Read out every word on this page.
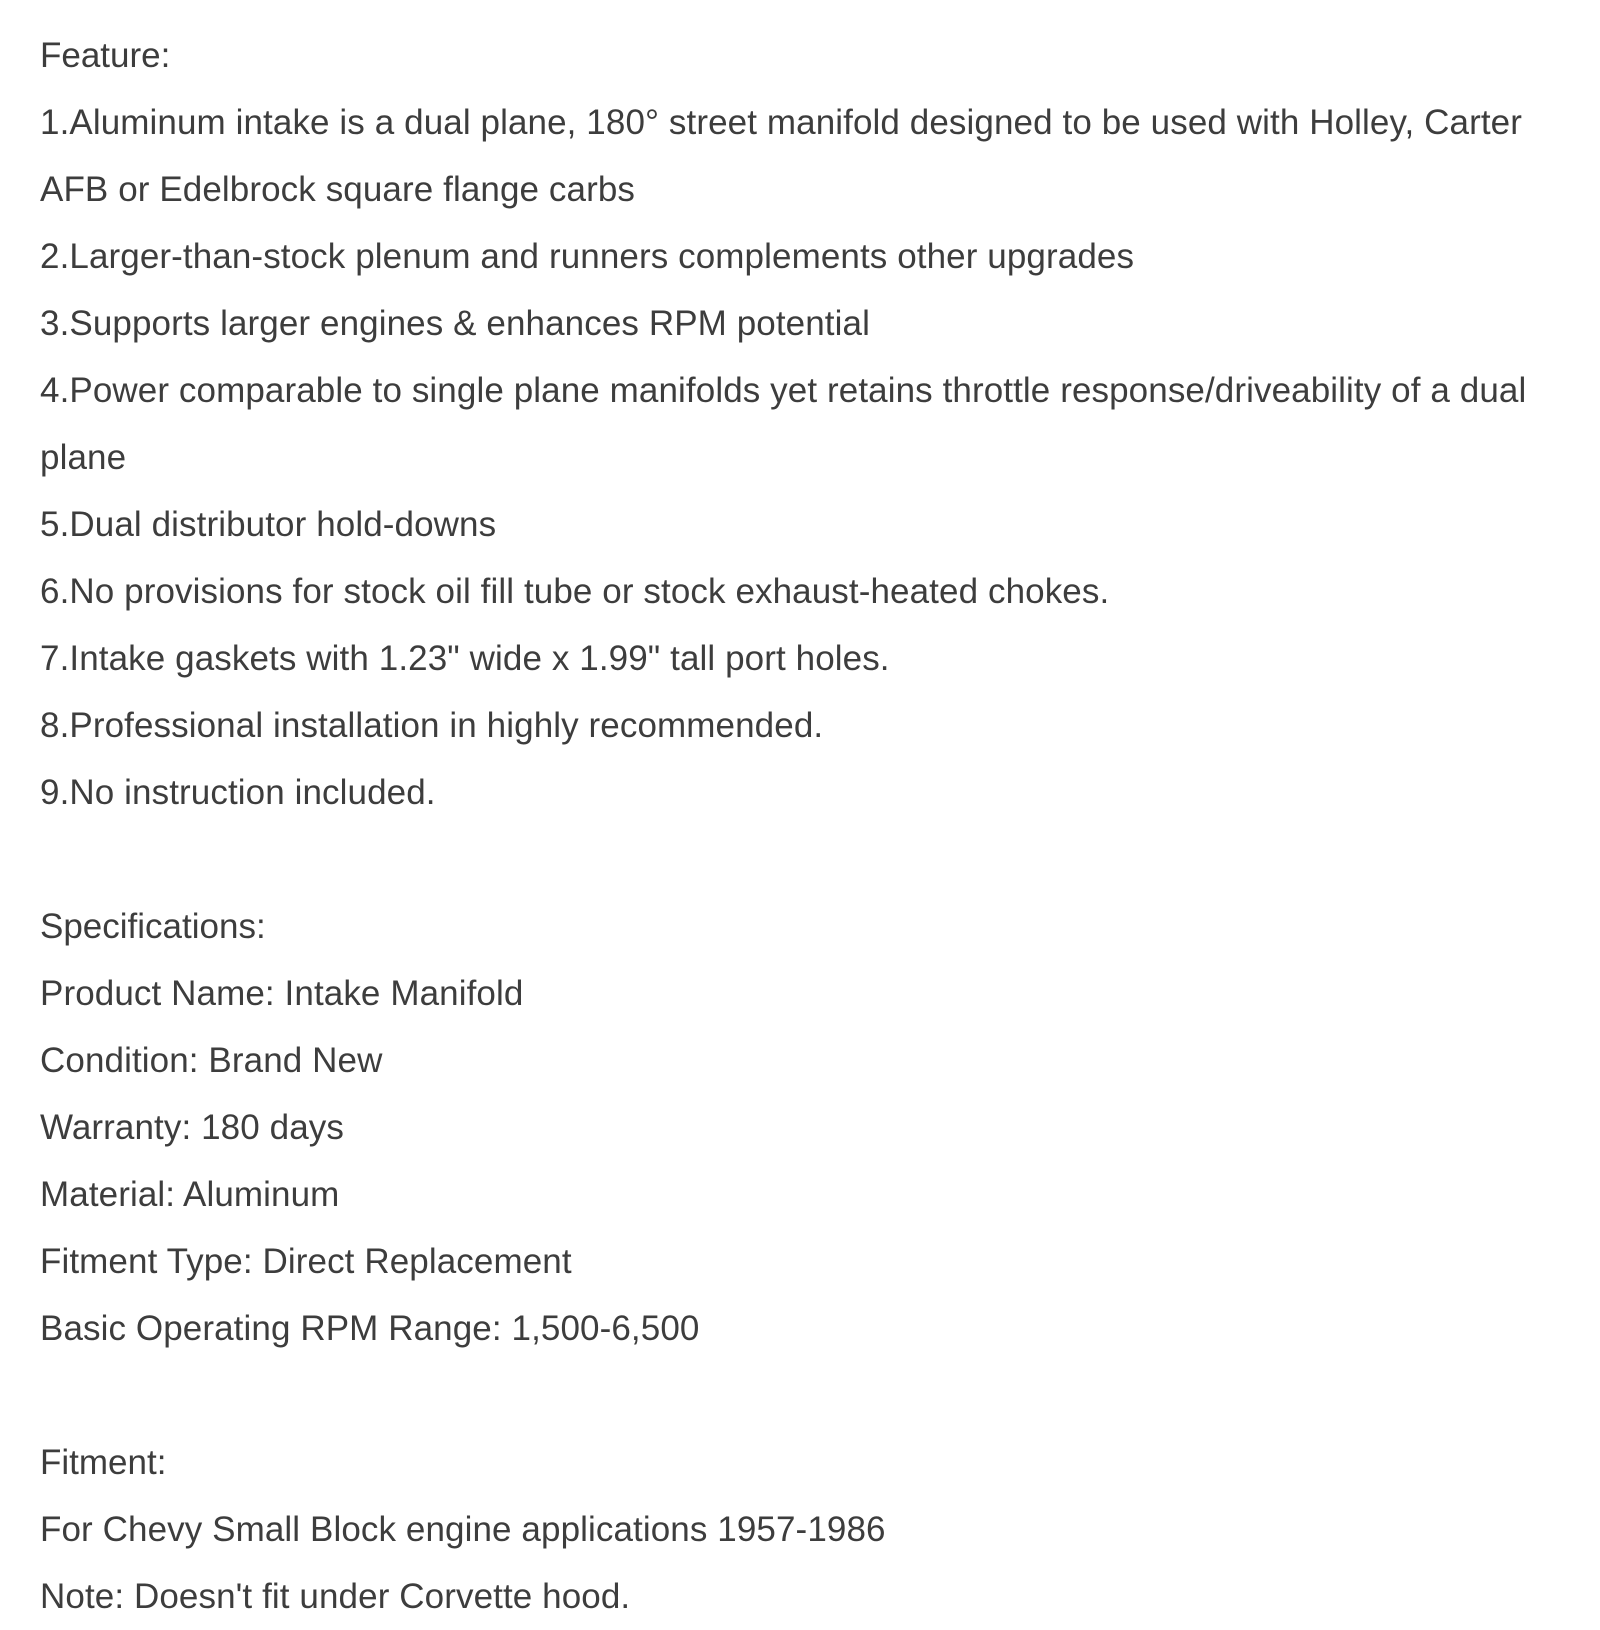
Feature:
1.Aluminum intake is a dual plane, 180° street manifold designed to be used with Holley, Carter AFB or Edelbrock square flange carbs
2.Larger-than-stock plenum and runners complements other upgrades
3.Supports larger engines & enhances RPM potential
4.Power comparable to single plane manifolds yet retains throttle response/driveability of a dual plane
5.Dual distributor hold-downs
6.No provisions for stock oil fill tube or stock exhaust-heated chokes.
7.Intake gaskets with 1.23" wide x 1.99" tall port holes.
8.Professional installation in highly recommended.
9.No instruction included.
Specifications:
Product Name: Intake Manifold
Condition: Brand New
Warranty: 180 days
Material: Aluminum
Fitment Type: Direct Replacement
Basic Operating RPM Range: 1,500-6,500
Fitment:
For Chevy Small Block engine applications 1957-1986
Note: Doesn't fit under Corvette hood.
